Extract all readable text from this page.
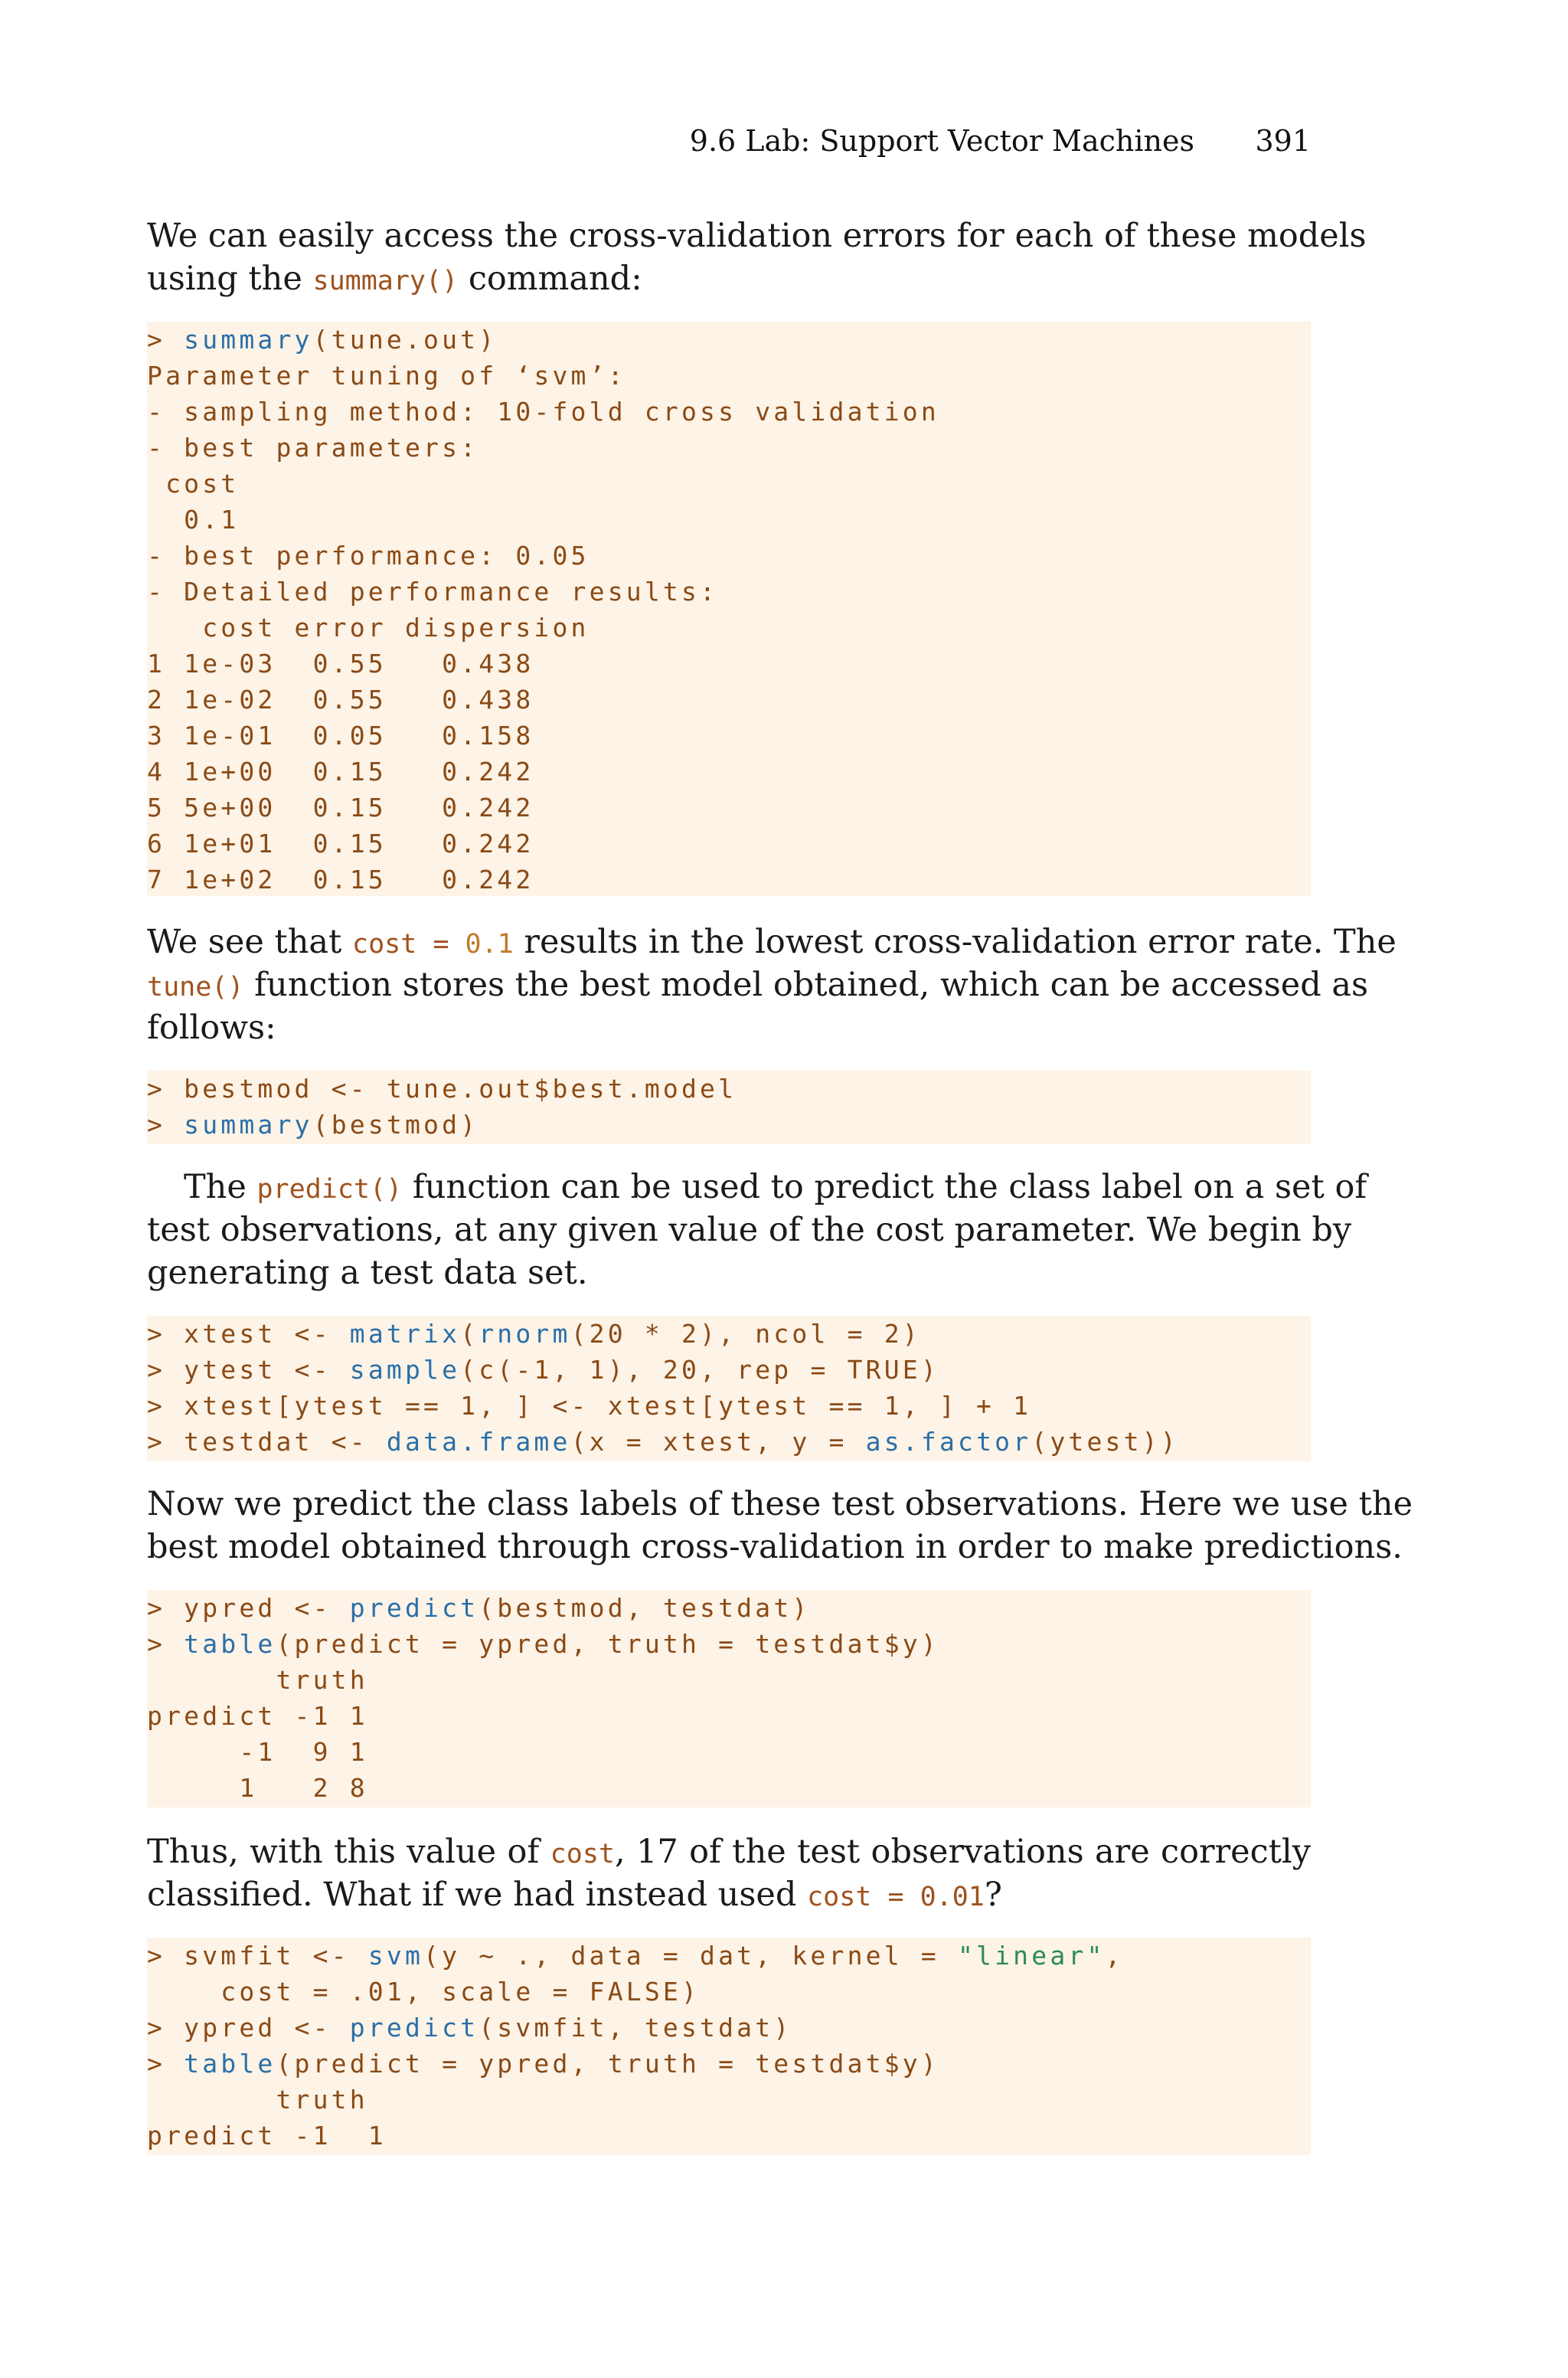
9.6 Lab: Support Vector Machines 391
We can easily access the cross-validation errors for each of these models
using the summary() command:
> summary(tune.out)
Parameter tuning of ‘svm’:
- sampling method: 10-fold cross validation
- best parameters:
cost
0.1
- best performance: 0.05
- Detailed performance results:
cost error dispersion
1 1e-03  0.55   0.438
2 1e-02  0.55   0.438
3 1e-01  0.05   0.158
4 1e+00  0.15   0.242
5 5e+00  0.15   0.242
6 1e+01  0.15   0.242
7 1e+02  0.15   0.242
We see that cost = 0.1 results in the lowest cross-validation error rate. The
tune() function stores the best model obtained, which can be accessed as
follows:
> bestmod <- tune.out$best.model
> summary(bestmod)
The predict() function can be used to predict the class label on a set of
test observations, at any given value of the cost parameter. We begin by
generating a test data set.
> xtest <- matrix(rnorm(20 * 2), ncol = 2)
> ytest <- sample(c(-1, 1), 20, rep = TRUE)
> xtest[ytest == 1, ] <- xtest[ytest == 1, ] + 1
> testdat <- data.frame(x = xtest, y = as.factor(ytest))
Now we predict the class labels of these test observations. Here we use the
best model obtained through cross-validation in order to make predictions.
> ypred <- predict(bestmod, testdat)
> table(predict = ypred, truth = testdat$y)
truth
predict -1 1
-1  9 1
1   2 8
Thus, with this value of cost, 17 of the test observations are correctly
classified. What if we had instead used cost = 0.01?
> svmfit <- svm(y ~ ., data = dat, kernel = "linear",
cost = .01, scale = FALSE)
> ypred <- predict(svmfit, testdat)
> table(predict = ypred, truth = testdat$y)
truth
predict -1  1
